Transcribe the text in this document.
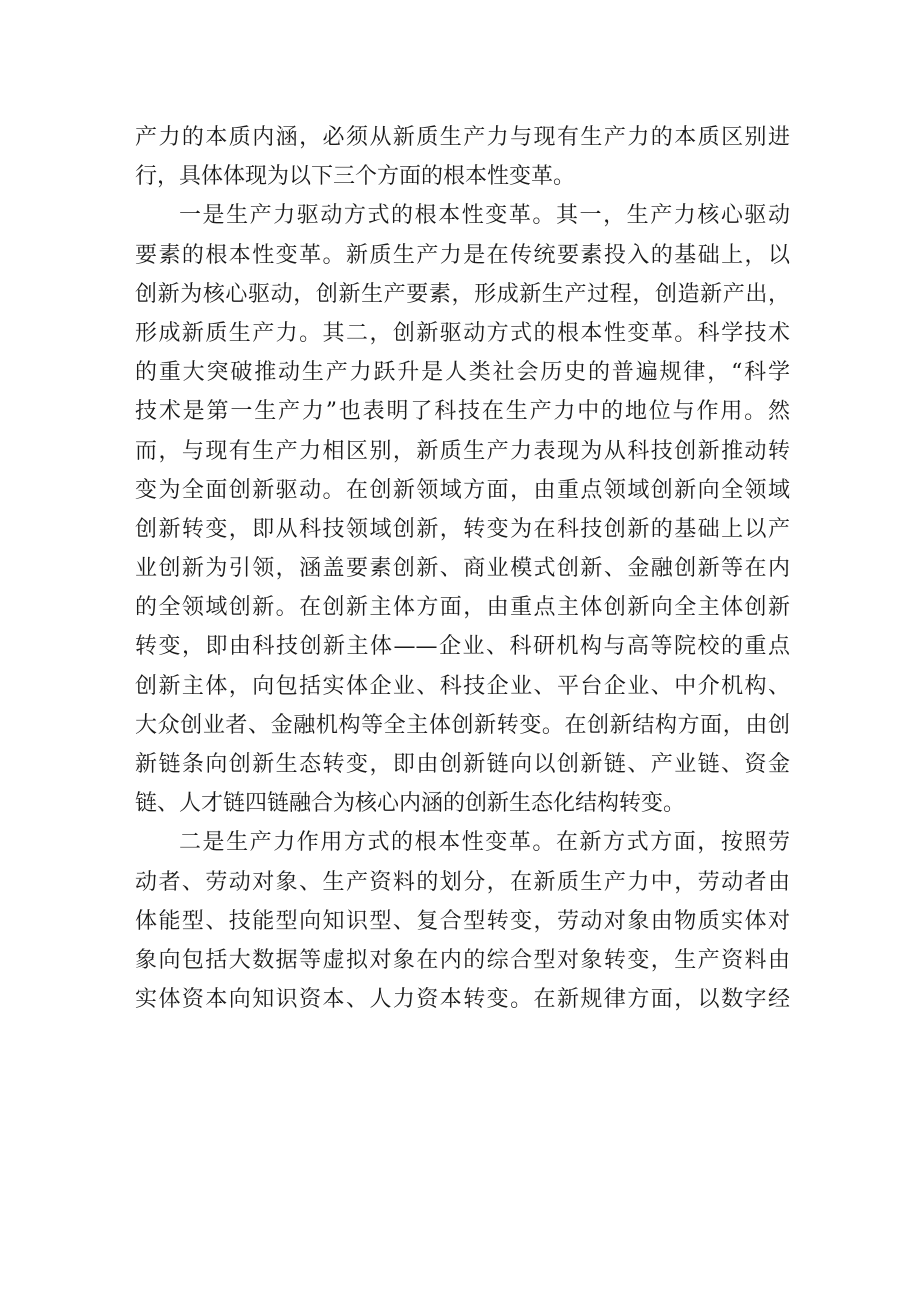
产力的本质内涵，必须从新质生产力与现有生产力的本质区别进
行，具体体现为以下三个方面的根本性变革。
一是生产力驱动方式的根本性变革。其一，生产力核心驱动
要素的根本性变革。新质生产力是在传统要素投入的基础上，以
创新为核心驱动，创新生产要素，形成新生产过程，创造新产出，
形成新质生产力。其二，创新驱动方式的根本性变革。科学技术
的重大突破推动生产力跃升是人类社会历史的普遍规律，“科学
技术是第一生产力”也表明了科技在生产力中的地位与作用。然
而，与现有生产力相区别，新质生产力表现为从科技创新推动转
变为全面创新驱动。在创新领域方面，由重点领域创新向全领域
创新转变，即从科技领域创新，转变为在科技创新的基础上以产
业创新为引领，涵盖要素创新、商业模式创新、金融创新等在内
的全领域创新。在创新主体方面，由重点主体创新向全主体创新
转变，即由科技创新主体——企业、科研机构与高等院校的重点
创新主体，向包括实体企业、科技企业、平台企业、中介机构、
大众创业者、金融机构等全主体创新转变。在创新结构方面，由创
新链条向创新生态转变，即由创新链向以创新链、产业链、资金
链、人才链四链融合为核心内涵的创新生态化结构转变。
二是生产力作用方式的根本性变革。在新方式方面，按照劳
动者、劳动对象、生产资料的划分，在新质生产力中，劳动者由
体能型、技能型向知识型、复合型转变，劳动对象由物质实体对
象向包括大数据等虚拟对象在内的综合型对象转变，生产资料由
实体资本向知识资本、人力资本转变。在新规律方面，以数字经
